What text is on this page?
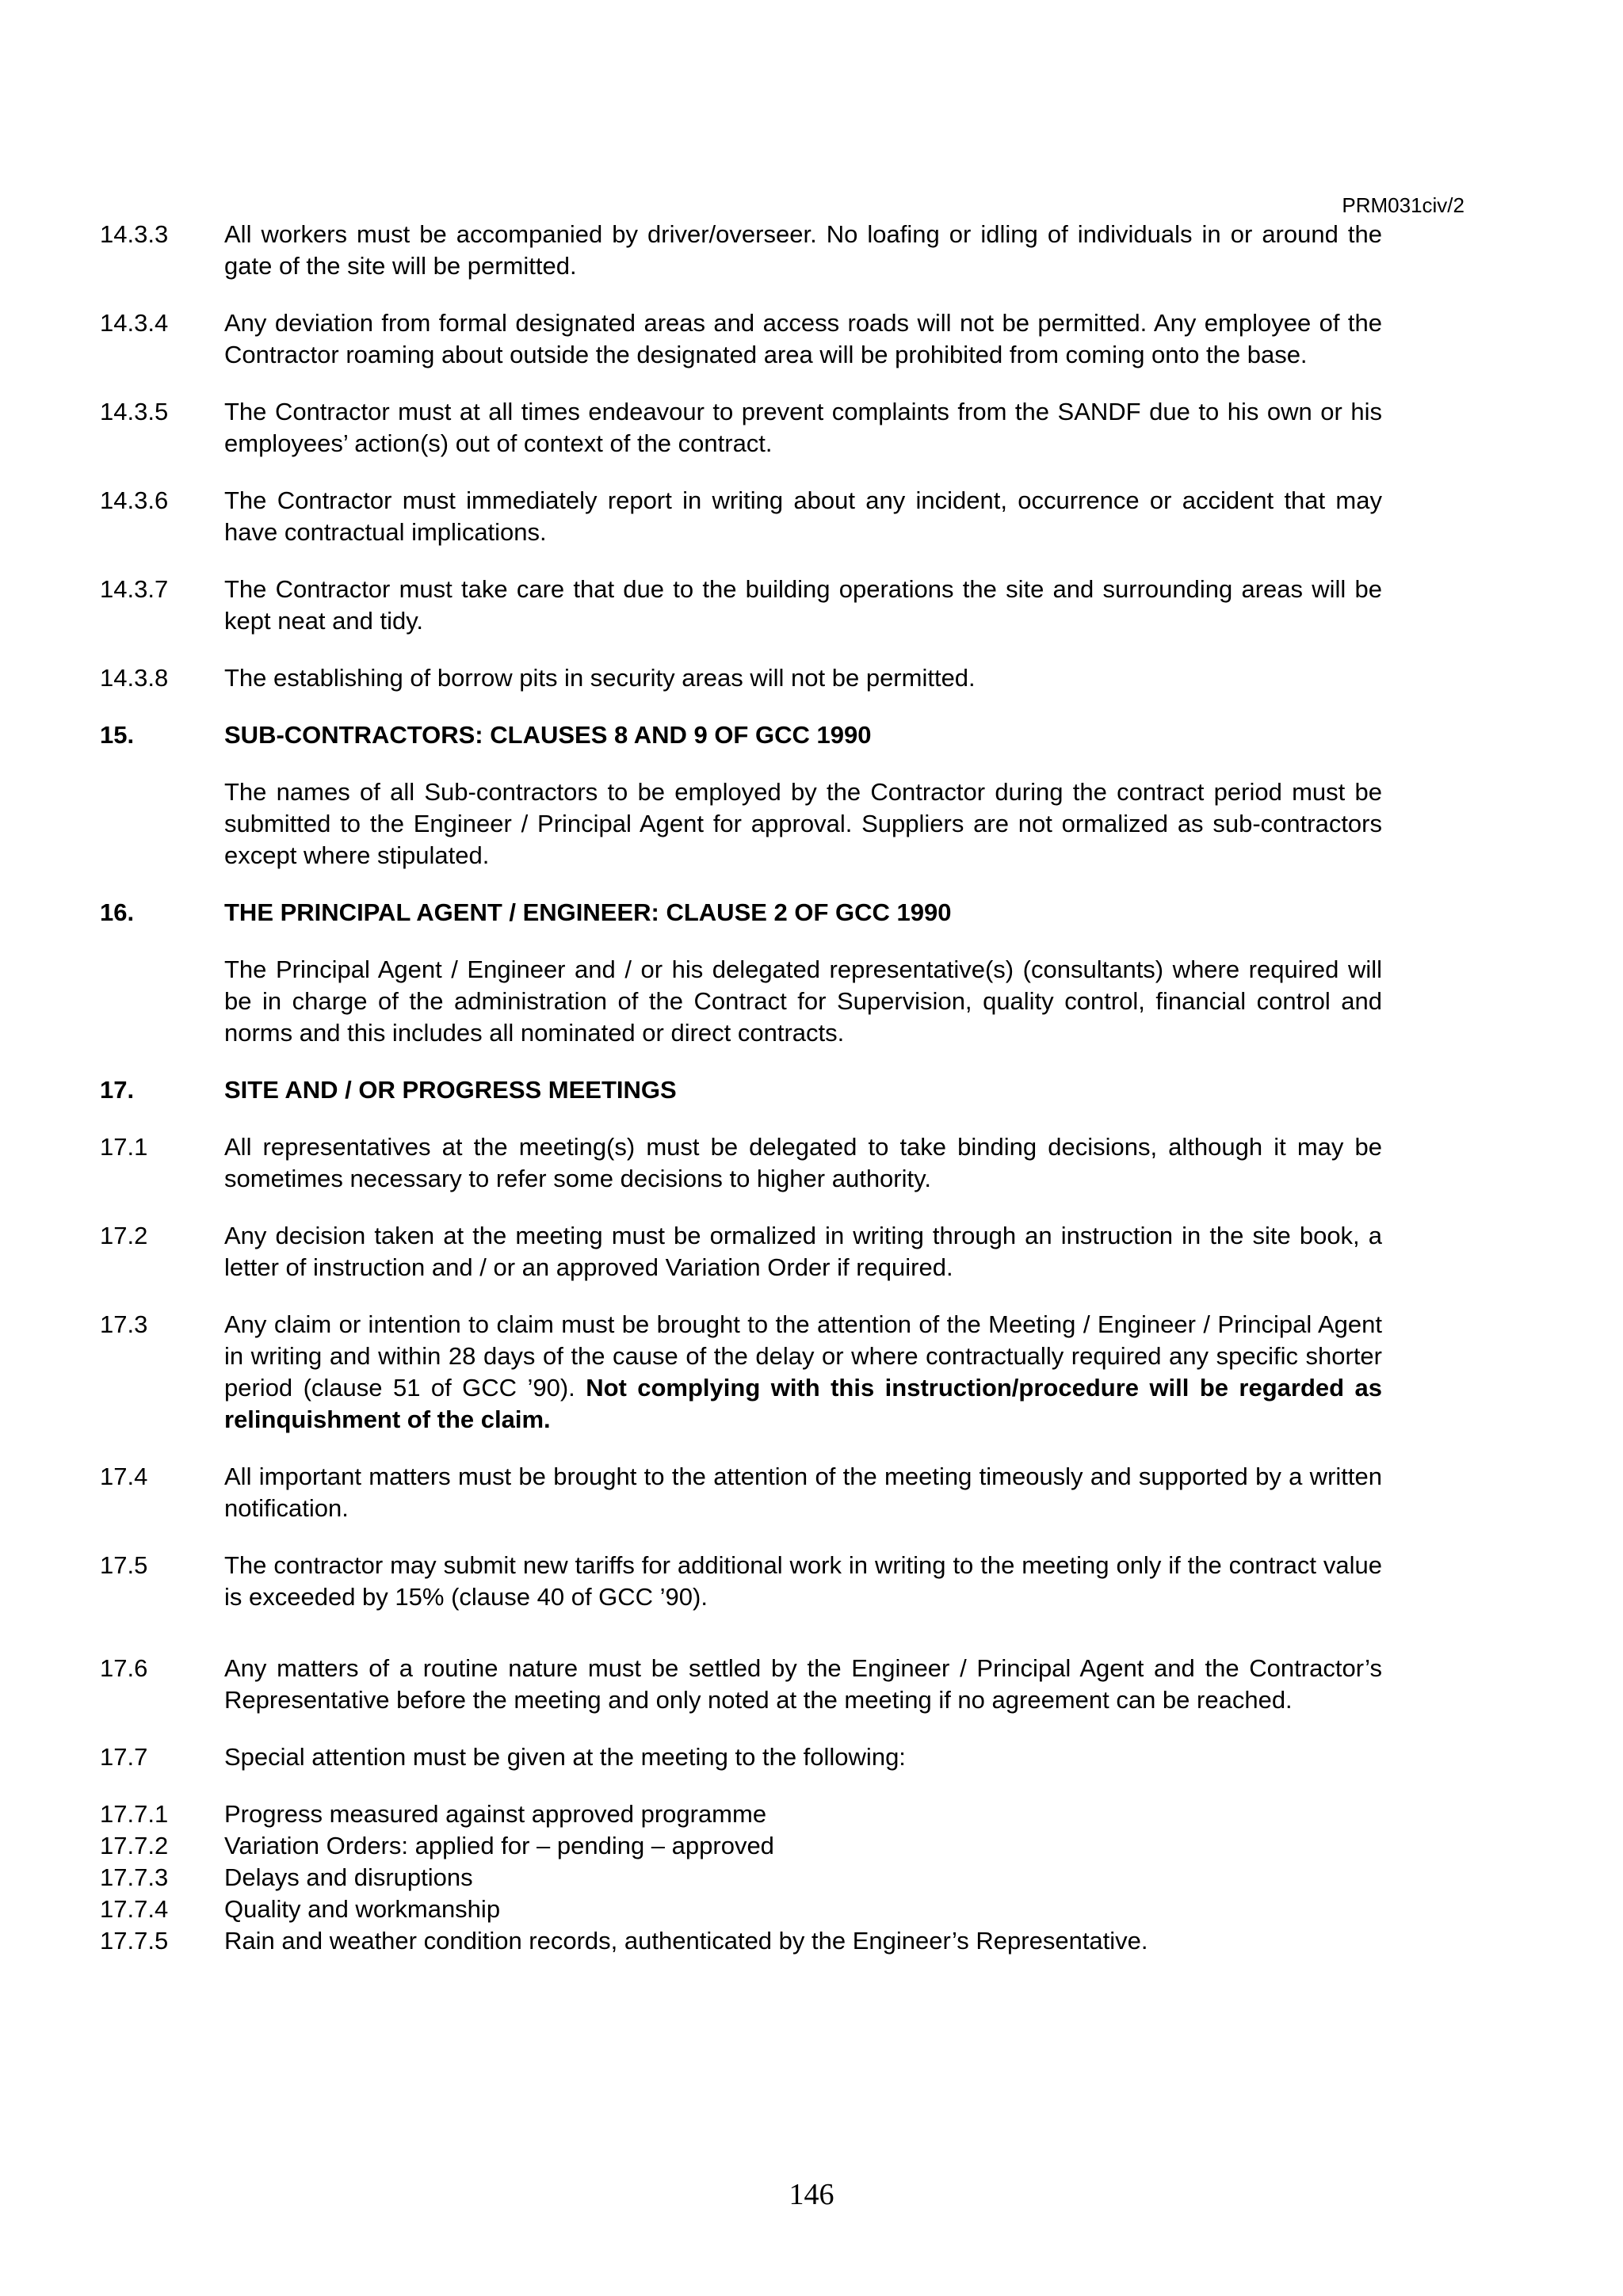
PRM031civ/2
14.3.3	All workers must be accompanied by driver/overseer. No loafing or idling of individuals in or around the gate of the site will be permitted.
14.3.4	Any deviation from formal designated areas and access roads will not be permitted. Any employee of the Contractor roaming about outside the designated area will be prohibited from coming onto the base.
14.3.5	The Contractor must at all times endeavour to prevent complaints from the SANDF due to his own or his employees’ action(s) out of context of the contract.
14.3.6	The Contractor must immediately report in writing about any incident, occurrence or accident that may have contractual implications.
14.3.7	The Contractor must take care that due to the building operations the site and surrounding areas will be kept neat and tidy.
14.3.8	The establishing of borrow pits in security areas will not be permitted.
15.	SUB-CONTRACTORS: CLAUSES 8 AND 9 OF GCC 1990
The names of all Sub-contractors to be employed by the Contractor during the contract period must be submitted to the Engineer / Principal Agent for approval. Suppliers are not ormalized as sub-contractors except where stipulated.
16.	THE PRINCIPAL AGENT / ENGINEER: CLAUSE 2 OF GCC 1990
The Principal Agent / Engineer and / or his delegated representative(s) (consultants) where required will be in charge of the administration of the Contract for Supervision, quality control, financial control and norms and this includes all nominated or direct contracts.
17.	SITE AND / OR PROGRESS MEETINGS
17.1	All representatives at the meeting(s) must be delegated to take binding decisions, although it may be sometimes necessary to refer some decisions to higher authority.
17.2	Any decision taken at the meeting must be ormalized in writing through an instruction in the site book, a letter of instruction and / or an approved Variation Order if required.
17.3	Any claim or intention to claim must be brought to the attention of the Meeting / Engineer / Principal Agent in writing and within 28 days of the cause of the delay or where contractually required any specific shorter period (clause 51 of GCC ’90). Not complying with this instruction/procedure will be regarded as relinquishment of the claim.
17.4	All important matters must be brought to the attention of the meeting timeously and supported by a written notification.
17.5	The contractor may submit new tariffs for additional work in writing to the meeting only if the contract value is exceeded by 15% (clause 40 of GCC ’90).
17.6	Any matters of a routine nature must be settled by the Engineer / Principal Agent and the Contractor’s Representative before the meeting and only noted at the meeting if no agreement can be reached.
17.7	Special attention must be given at the meeting to the following:
17.7.1	Progress measured against approved programme
17.7.2	Variation Orders: applied for – pending – approved
17.7.3	Delays and disruptions
17.7.4	Quality and workmanship
17.7.5	Rain and weather condition records, authenticated by the Engineer’s Representative.
146
